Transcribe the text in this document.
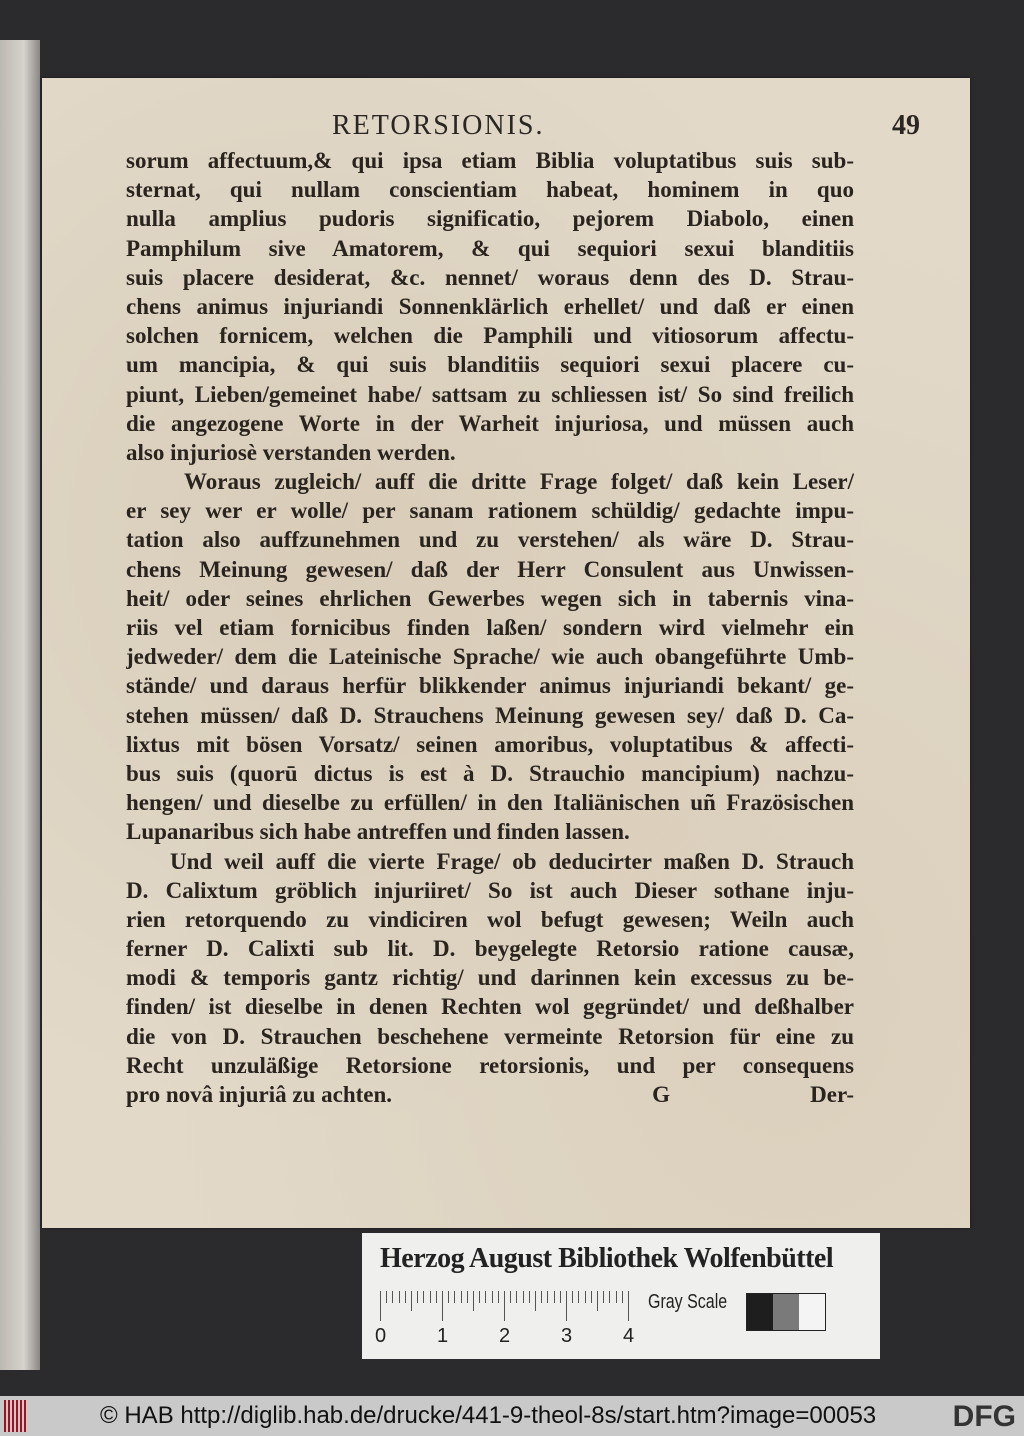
RETORSIONIS.	49
sorum affectuum,& qui ipsa etiam Biblia voluptatibus suis sub-
sternat, qui nullam conscientiam habeat, hominem in quo
nulla amplius pudoris significatio, pejorem Diabolo, einen
Pamphilum sive Amatorem, & qui sequiori sexui blanditiis
suis placere desiderat, &c. nennet/ woraus denn des D. Strau-
chens animus injuriandi Sonnenklärlich erhellet/ und daß er einen
solchen fornicem, welchen die Pamphili und vitiosorum affectu-
um mancipia, & qui suis blanditiis sequiori sexui placere cu-
piunt, Lieben/gemeinet habe/ sattsam zu schliessen ist/ So sind freilich
die angezogene Worte in der Warheit injuriosa, und müssen auch
also injuriosè verstanden werden.
Woraus zugleich/ auff die dritte Frage folget/ daß kein Leser/
er sey wer er wolle/ per sanam rationem schüldig/ gedachte impu-
tation also auffzunehmen und zu verstehen/ als wäre D. Strau-
chens Meinung gewesen/ daß der Herr Consulent aus Unwissen-
heit/ oder seines ehrlichen Gewerbes wegen sich in tabernis vina-
riis vel etiam fornicibus finden laßen/ sondern wird vielmehr ein
jedweder/ dem die Lateinische Sprache/ wie auch obangeführte Umb-
stände/ und daraus herfür blikkender animus injuriandi bekant/ ge-
stehen müssen/ daß D. Strauchens Meinung gewesen sey/ daß D. Ca-
lixtus mit bösen Vorsatz/ seinen amoribus, voluptatibus & affecti-
bus suis (quorū dictus is est à D. Strauchio mancipium) nachzu-
hengen/ und dieselbe zu erfüllen/ in den Italiänischen uñ Frazösischen
Lupanaribus sich habe antreffen und finden lassen.
Und weil auff die vierte Frage/ ob deducirter maßen D. Strauch
D. Calixtum gröblich injuriiret/ So ist auch Dieser sothane inju-
rien retorquendo zu vindiciren wol befugt gewesen; Weiln auch
ferner D. Calixti sub lit. D. beygelegte Retorsio ratione causæ,
modi & temporis gantz richtig/ und darinnen kein excessus zu be-
finden/ ist dieselbe in denen Rechten wol gegründet/ und deßhalber
die von D. Strauchen beschehene vermeinte Retorsion für eine zu
Recht unzuläßige Retorsione retorsionis, und per consequens
pro novâ injuriâ zu achten.	G	Der-
Herzog August Bibliothek Wolfenbüttel
0	1	2	3	4
Gray Scale
© HAB http://diglib.hab.de/drucke/441-9-theol-8s/start.htm?image=00053	DFG
